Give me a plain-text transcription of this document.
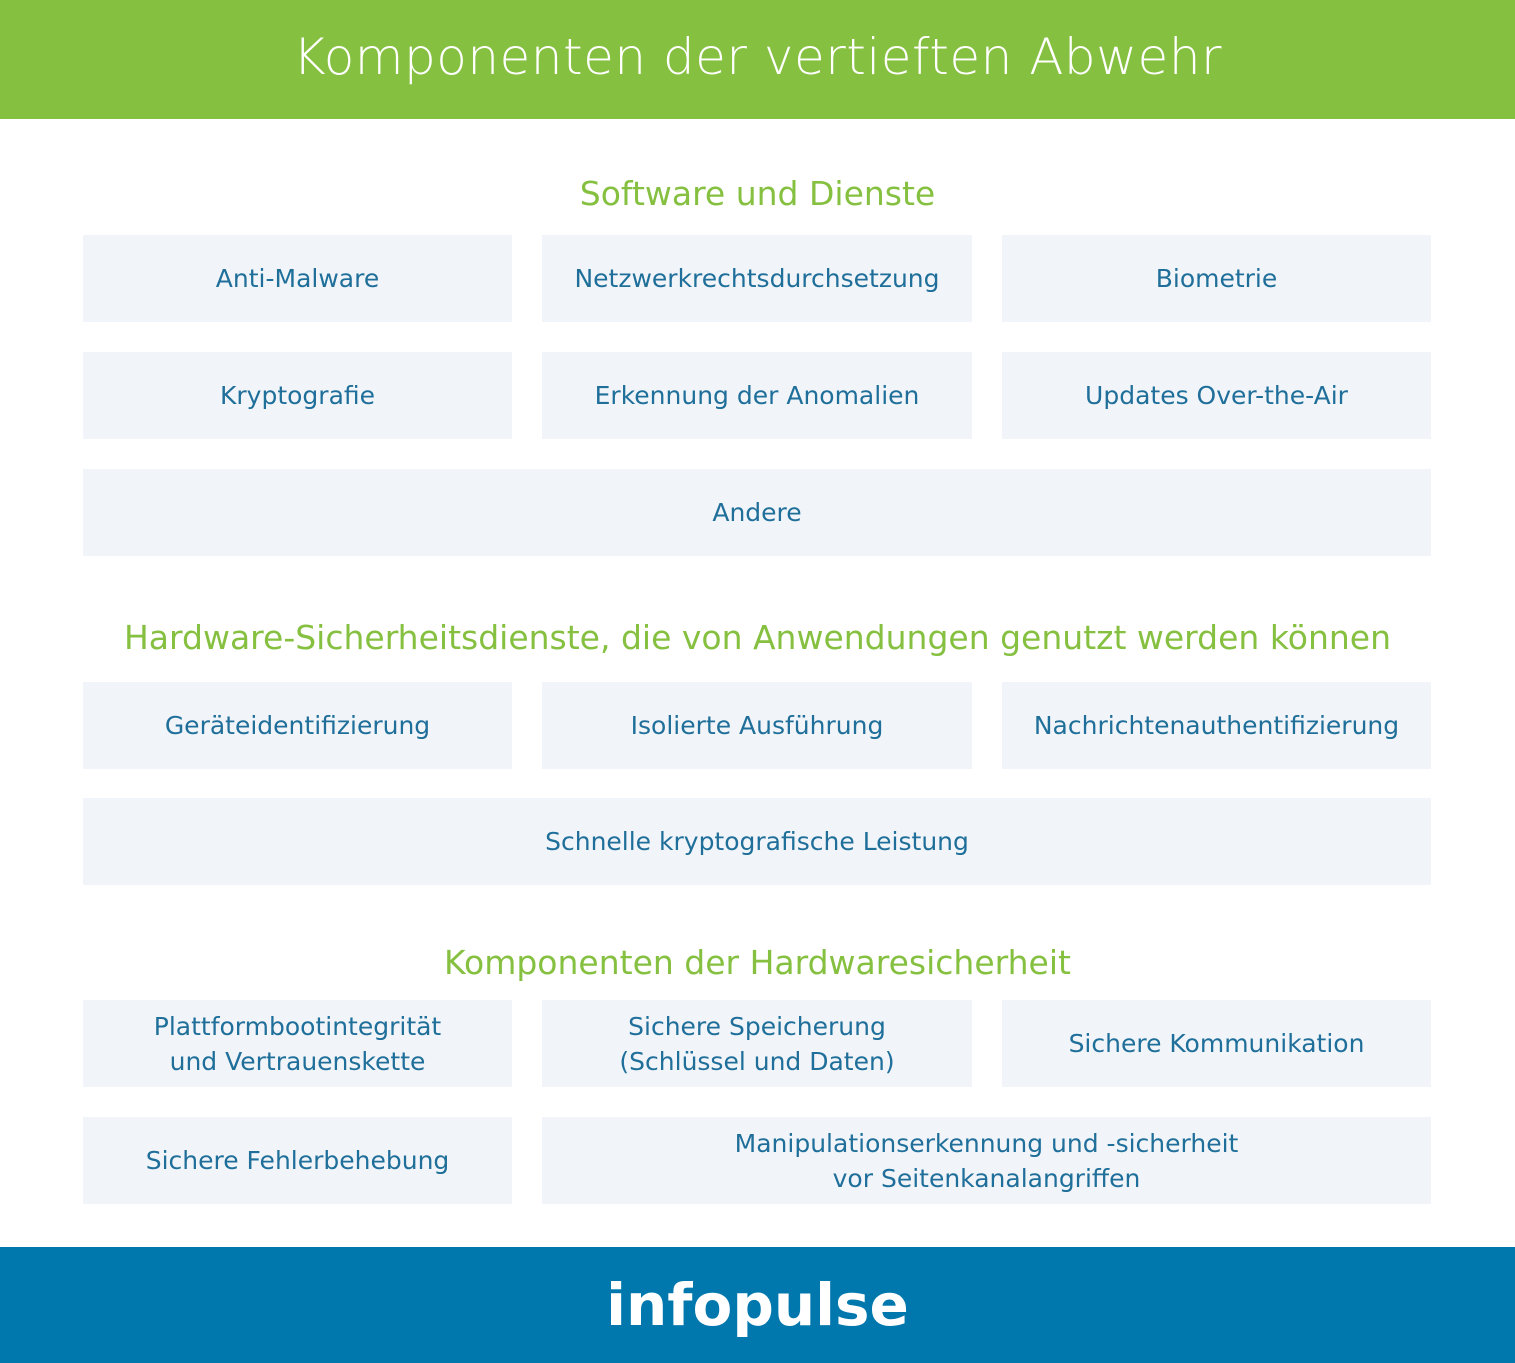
Komponenten der vertieften Abwehr
Software und Dienste
Anti-Malware	Netzwerkrechtsdurchsetzung	Biometrie
Kryptografie	Erkennung der Anomalien	Updates Over-the-Air
Andere
Hardware-Sicherheitsdienste, die von Anwendungen genutzt werden können
Geräteidentifizierung	Isolierte Ausführung	Nachrichtenauthentifizierung
Schnelle kryptografische Leistung
Komponenten der Hardwaresicherheit
Plattformbootintegrität
und Vertrauenskette
Sichere Speicherung
(Schlüssel und Daten)
Sichere Kommunikation
Sichere Fehlerbehebung
Manipulationserkennung und -sicherheit
vor Seitenkanalangriffen
infopulse
